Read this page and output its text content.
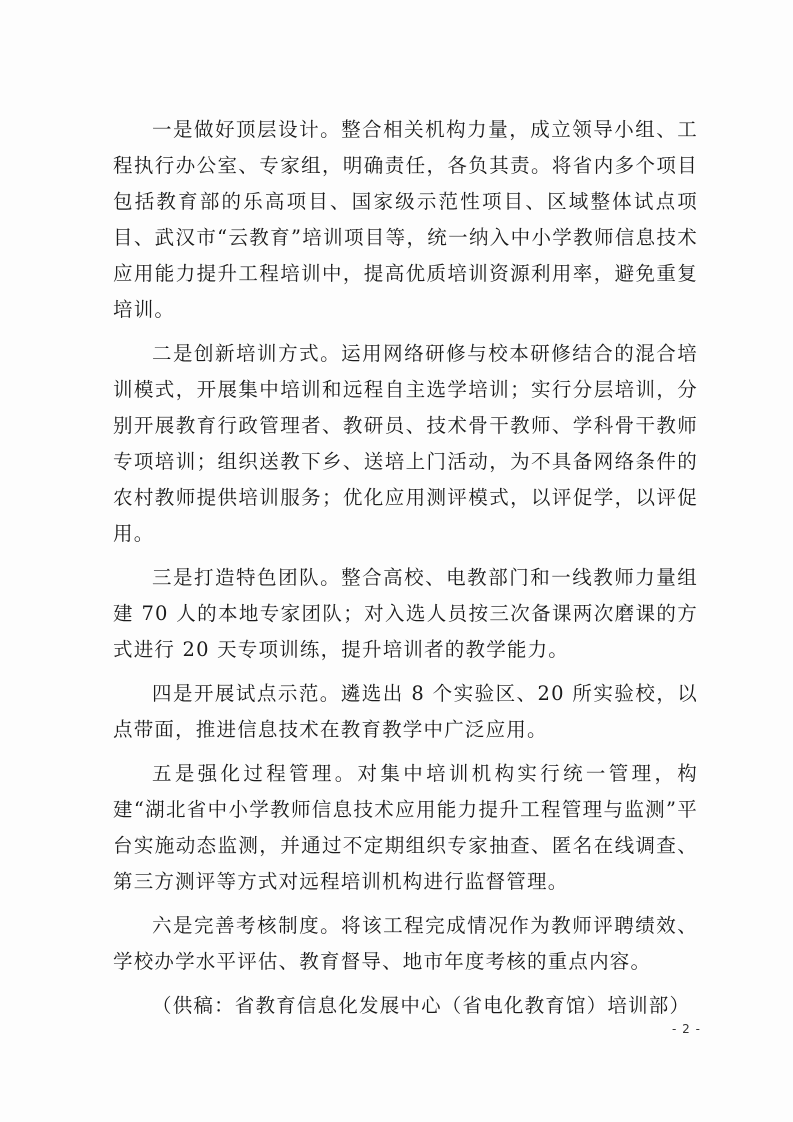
一是做好顶层设计。整合相关机构力量，成立领导小组、工程执行办公室、专家组，明确责任，各负其责。将省内多个项目包括教育部的乐高项目、国家级示范性项目、区域整体试点项目、武汉市“云教育”培训项目等，统一纳入中小学教师信息技术应用能力提升工程培训中，提高优质培训资源利用率，避免重复培训。

二是创新培训方式。运用网络研修与校本研修结合的混合培训模式，开展集中培训和远程自主选学培训；实行分层培训，分别开展教育行政管理者、教研员、技术骨干教师、学科骨干教师专项培训；组织送教下乡、送培上门活动，为不具备网络条件的农村教师提供培训服务；优化应用测评模式，以评促学，以评促用。

三是打造特色团队。整合高校、电教部门和一线教师力量组建 70 人的本地专家团队；对入选人员按三次备课两次磨课的方式进行 20 天专项训练，提升培训者的教学能力。

四是开展试点示范。遴选出 8 个实验区、20 所实验校，以点带面，推进信息技术在教育教学中广泛应用。

五是强化过程管理。对集中培训机构实行统一管理，构建“湖北省中小学教师信息技术应用能力提升工程管理与监测”平台实施动态监测，并通过不定期组织专家抽查、匿名在线调查、第三方测评等方式对远程培训机构进行监督管理。

六是完善考核制度。将该工程完成情况作为教师评聘绩效、学校办学水平评估、教育督导、地市年度考核的重点内容。

（供稿：省教育信息化发展中心（省电化教育馆）培训部）

- 2 -
